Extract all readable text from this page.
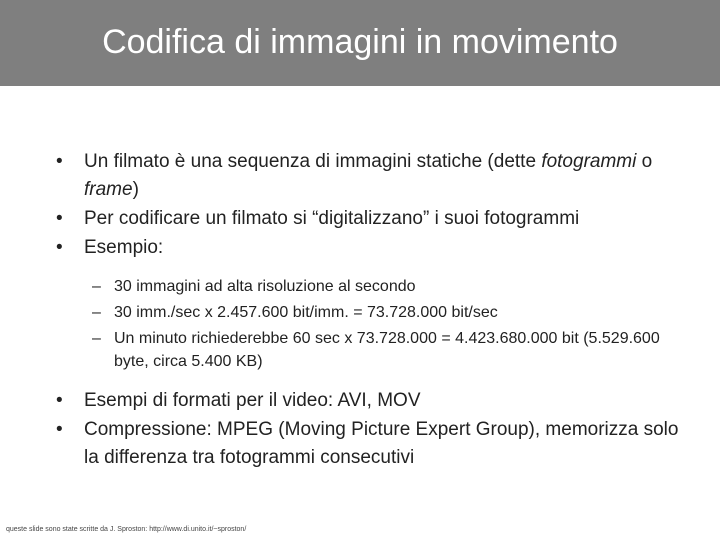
Codifica di immagini in movimento
•	Un filmato è una sequenza di immagini statiche (dette fotogrammi o frame)
•	Per codificare un filmato si “digitalizzano” i suoi fotogrammi
•	Esempio:
– 30 immagini ad alta risoluzione al secondo
– 30 imm./sec x 2.457.600 bit/imm. = 73.728.000 bit/sec
– Un minuto richiederebbe 60 sec x 73.728.000 = 4.423.680.000 bit (5.529.600 byte, circa 5.400 KB)
•	Esempi di formati per il video: AVI, MOV
•	Compressione: MPEG (Moving Picture Expert Group), memorizza solo la differenza tra fotogrammi consecutivi
queste slide sono state scritte da J. Sproston: http://www.di.unito.it/~sproston/
